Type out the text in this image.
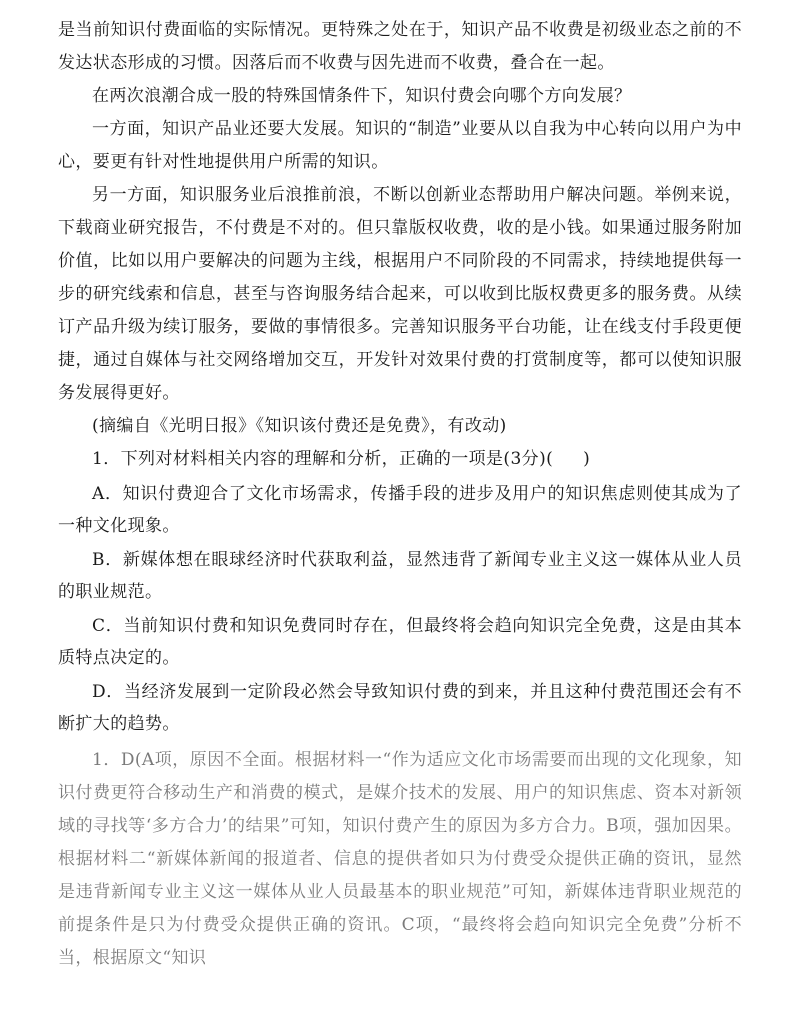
是当前知识付费面临的实际情况。更特殊之处在于，知识产品不收费是初级业态之前的不发达状态形成的习惯。因落后而不收费与因先进而不收费，叠合在一起。

在两次浪潮合成一股的特殊国情条件下，知识付费会向哪个方向发展？

一方面，知识产品业还要大发展。知识的“制造”业要从以自我为中心转向以用户为中心，要更有针对性地提供用户所需的知识。

另一方面，知识服务业后浪推前浪，不断以创新业态帮助用户解决问题。举例来说，下载商业研究报告，不付费是不对的。但只靠版权收费，收的是小钱。如果通过服务附加价值，比如以用户要解决的问题为主线，根据用户不同阶段的不同需求，持续地提供每一步的研究线索和信息，甚至与咨询服务结合起来，可以收到比版权费更多的服务费。从续订产品升级为续订服务，要做的事情很多。完善知识服务平台功能，让在线支付手段更便捷，通过自媒体与社交网络增加交互，开发针对效果付费的打赏制度等，都可以使知识服务发展得更好。

(摘编自《光明日报》《知识该付费还是免费》，有改动)

1．下列对材料相关内容的理解和分析，正确的一项是(3分)( )

A．知识付费迎合了文化市场需求，传播手段的进步及用户的知识焦虑则使其成为了一种文化现象。

B．新媒体想在眼球经济时代获取利益，显然违背了新闻专业主义这一媒体从业人员的职业规范。

C．当前知识付费和知识免费同时存在，但最终将会趋向知识完全免费，这是由其本质特点决定的。

D．当经济发展到一定阶段必然会导致知识付费的到来，并且这种付费范围还会有不断扩大的趋势。

1．D(A项，原因不全面。根据材料一“作为适应文化市场需要而出现的文化现象，知识付费更符合移动生产和消费的模式，是媒介技术的发展、用户的知识焦虑、资本对新领域的寻找等‘多方合力’的结果”可知，知识付费产生的原因为多方合力。B项，强加因果。根据材料二“新媒体新闻的报道者、信息的提供者如只为付费受众提供正确的资讯，显然是违背新闻专业主义这一媒体从业人员最基本的职业规范”可知，新媒体违背职业规范的前提条件是只为付费受众提供正确的资讯。C项，“最终将会趋向知识完全免费”分析不当，根据原文“知识
